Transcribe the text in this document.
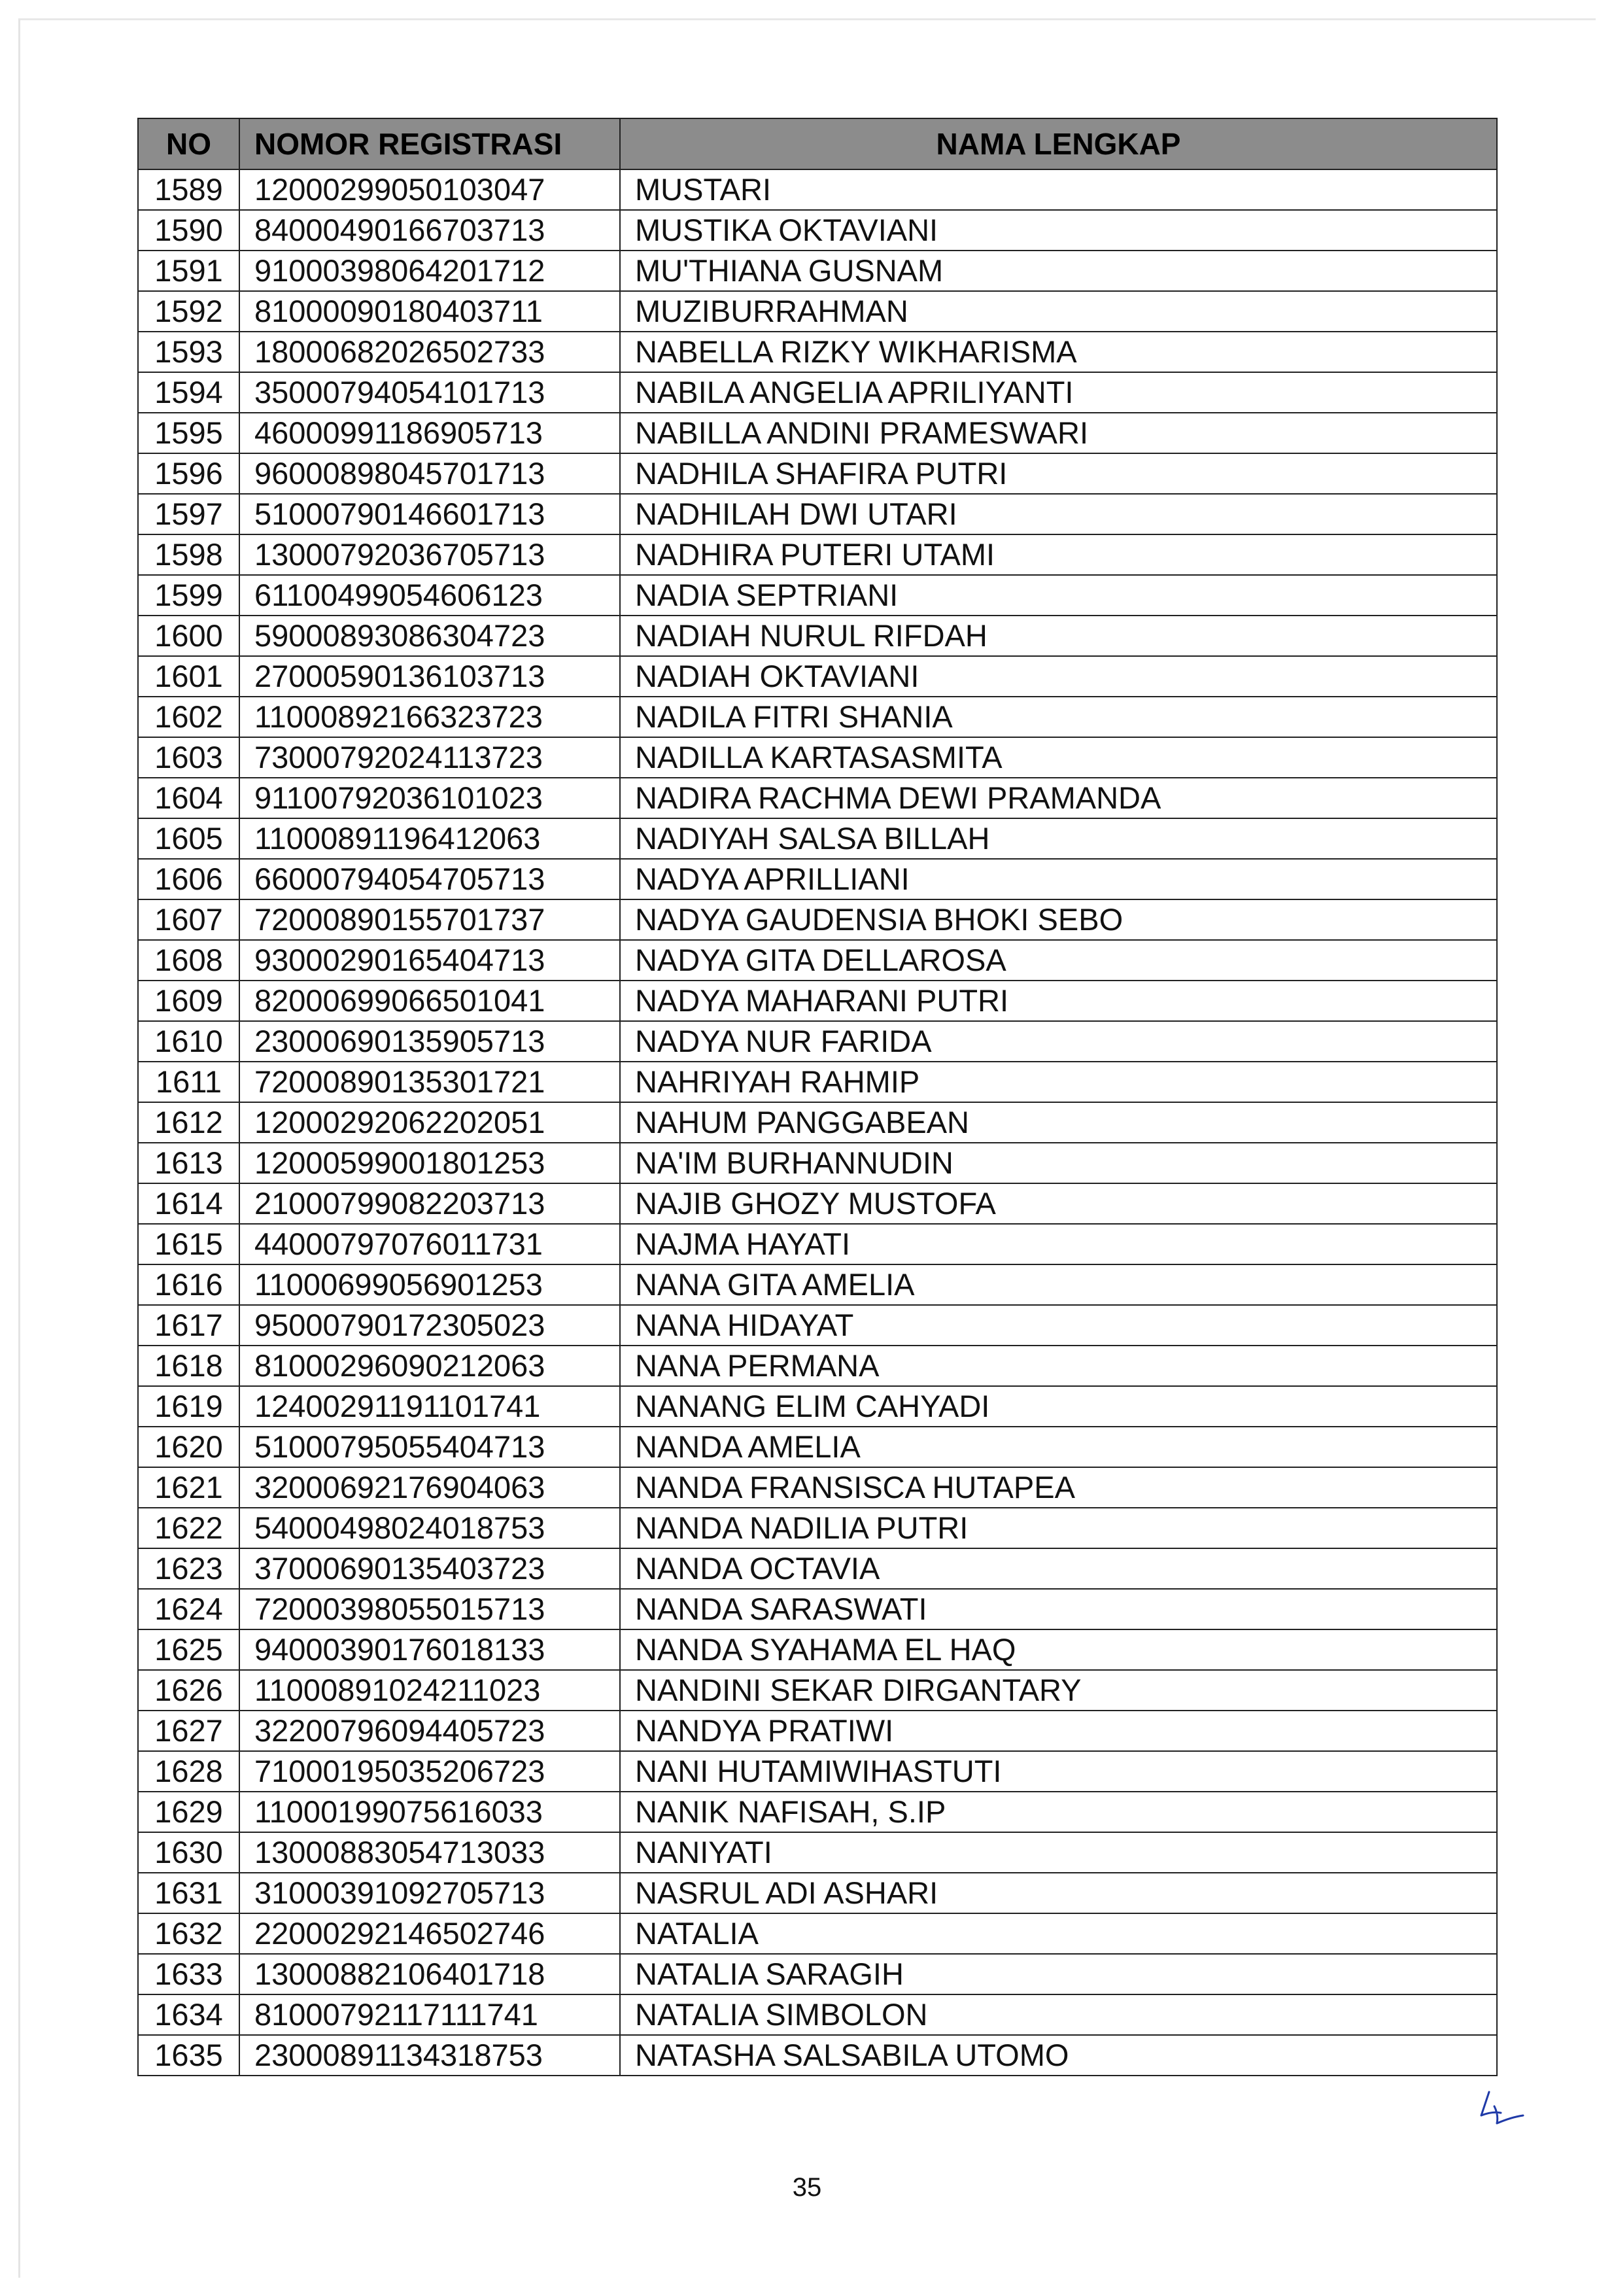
NO	NOMOR REGISTRASI	NAMA LENGKAP
1589	12000299050103047	MUSTARI
1590	84000490166703713	MUSTIKA OKTAVIANI
1591	91000398064201712	MU'THIANA GUSNAM
1592	81000090180403711	MUZIBURRAHMAN
1593	18000682026502733	NABELLA RIZKY WIKHARISMA
1594	35000794054101713	NABILA ANGELIA APRILIYANTI
1595	46000991186905713	NABILLA ANDINI PRAMESWARI
1596	96000898045701713	NADHILA SHAFIRA PUTRI
1597	51000790146601713	NADHILAH DWI UTARI
1598	13000792036705713	NADHIRA PUTERI UTAMI
1599	61100499054606123	NADIA SEPTRIANI
1600	59000893086304723	NADIAH NURUL RIFDAH
1601	27000590136103713	NADIAH OKTAVIANI
1602	11000892166323723	NADILA FITRI SHANIA
1603	73000792024113723	NADILLA KARTASASMITA
1604	91100792036101023	NADIRA RACHMA DEWI PRAMANDA
1605	11000891196412063	NADIYAH SALSA BILLAH
1606	66000794054705713	NADYA APRILLIANI
1607	72000890155701737	NADYA GAUDENSIA BHOKI SEBO
1608	93000290165404713	NADYA GITA DELLAROSA
1609	82000699066501041	NADYA MAHARANI PUTRI
1610	23000690135905713	NADYA NUR FARIDA
1611	72000890135301721	NAHRIYAH RAHMIP
1612	12000292062202051	NAHUM PANGGABEAN
1613	12000599001801253	NA'IM BURHANNUDIN
1614	21000799082203713	NAJIB GHOZY MUSTOFA
1615	44000797076011731	NAJMA HAYATI
1616	11000699056901253	NANA GITA AMELIA
1617	95000790172305023	NANA HIDAYAT
1618	81000296090212063	NANA PERMANA
1619	12400291191101741	NANANG ELIM CAHYADI
1620	51000795055404713	NANDA AMELIA
1621	32000692176904063	NANDA FRANSISCA HUTAPEA
1622	54000498024018753	NANDA NADILIA PUTRI
1623	37000690135403723	NANDA OCTAVIA
1624	72000398055015713	NANDA SARASWATI
1625	94000390176018133	NANDA SYAHAMA EL HAQ
1626	11000891024211023	NANDINI SEKAR DIRGANTARY
1627	32200796094405723	NANDYA PRATIWI
1628	71000195035206723	NANI HUTAMIWIHASTUTI
1629	11000199075616033	NANIK NAFISAH, S.IP
1630	13000883054713033	NANIYATI
1631	31000391092705713	NASRUL ADI ASHARI
1632	22000292146502746	NATALIA
1633	13000882106401718	NATALIA SARAGIH
1634	81000792117111741	NATALIA SIMBOLON
1635	23000891134318753	NATASHA SALSABILA UTOMO
35
